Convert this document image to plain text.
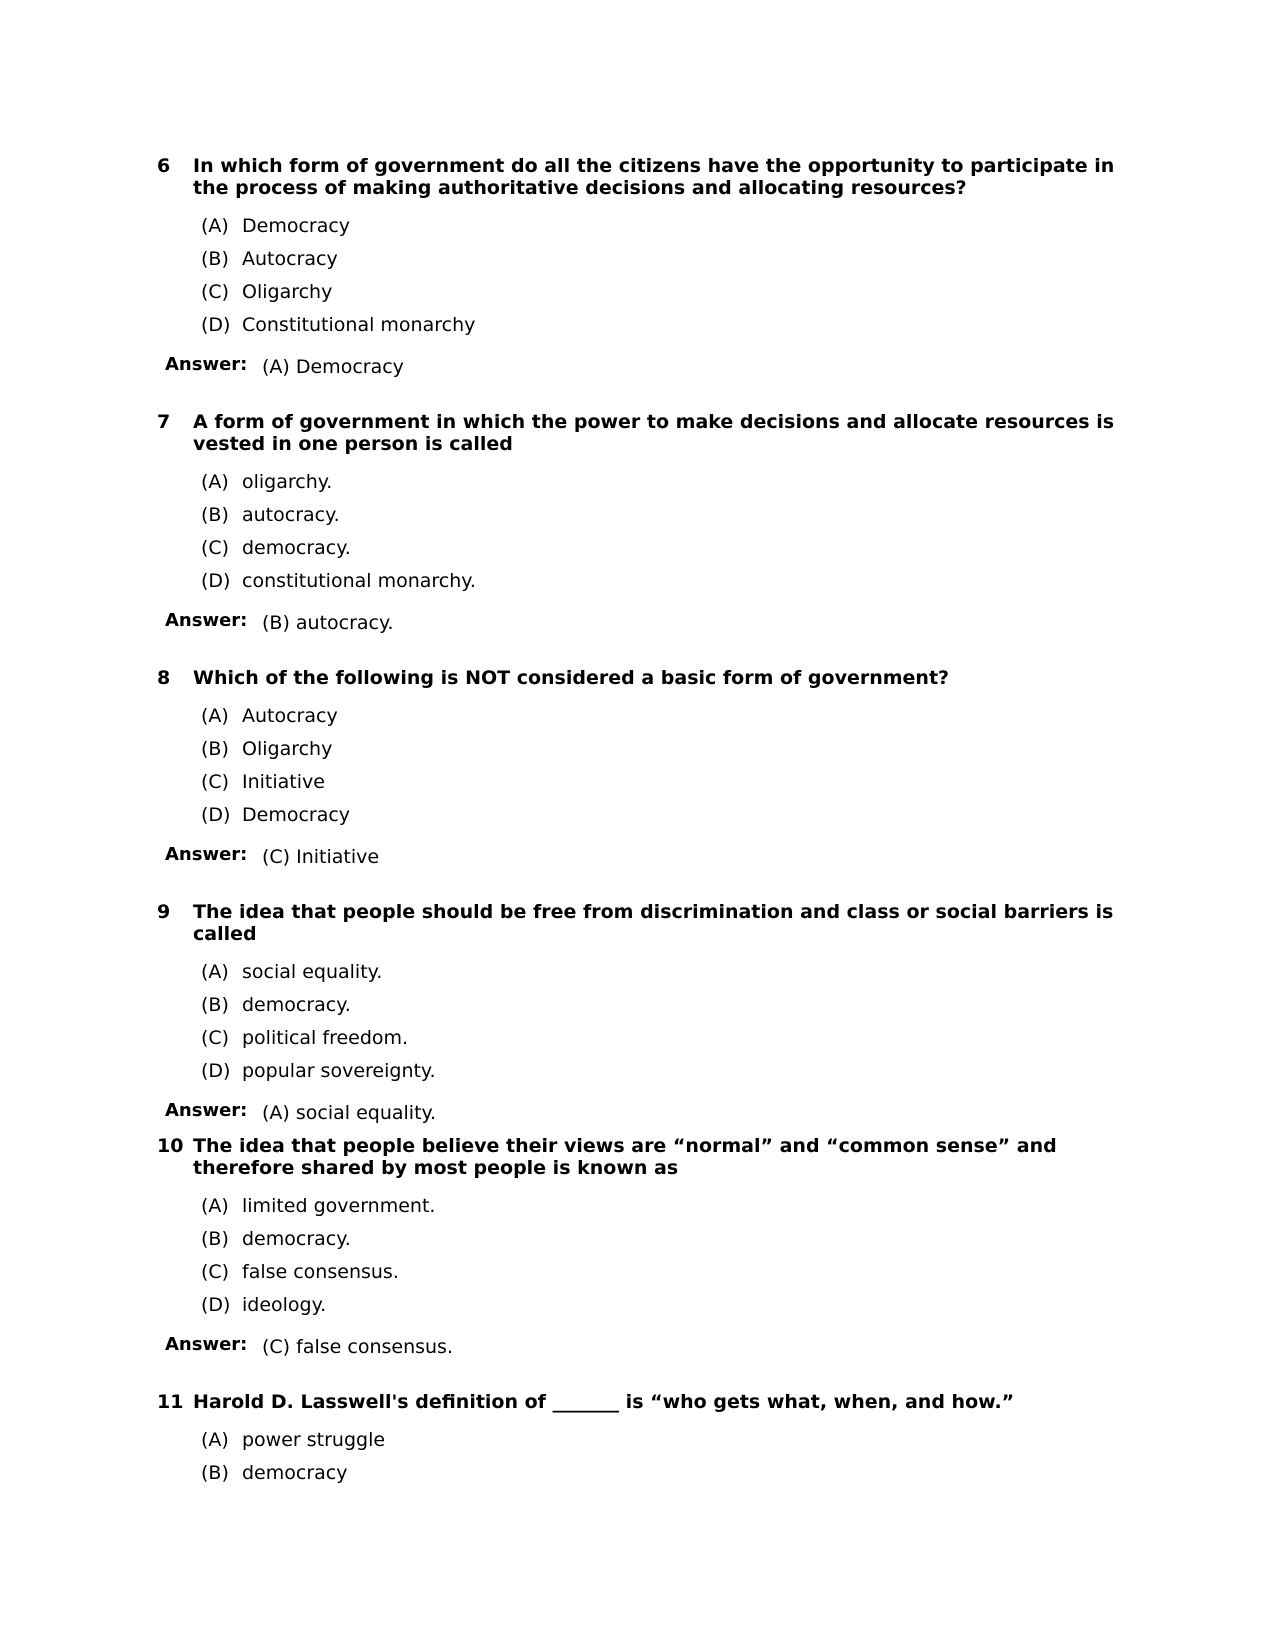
6	In which form of government do all the citizens have the opportunity to participate in the process of making authoritative decisions and allocating resources?
(A) Democracy
(B) Autocracy
(C) Oligarchy
(D) Constitutional monarchy
Answer: (A) Democracy
7	A form of government in which the power to make decisions and allocate resources is vested in one person is called
(A) oligarchy.
(B) autocracy.
(C) democracy.
(D) constitutional monarchy.
Answer: (B) autocracy.
8	Which of the following is NOT considered a basic form of government?
(A) Autocracy
(B) Oligarchy
(C) Initiative
(D) Democracy
Answer: (C) Initiative
9	The idea that people should be free from discrimination and class or social barriers is called
(A) social equality.
(B) democracy.
(C) political freedom.
(D) popular sovereignty.
Answer: (A) social equality.
10 The idea that people believe their views are “normal” and “common sense” and therefore shared by most people is known as
(A) limited government.
(B) democracy.
(C) false consensus.
(D) ideology.
Answer: (C) false consensus.
11 Harold D. Lasswell's definition of _______ is “who gets what, when, and how.”
(A) power struggle
(B) democracy
